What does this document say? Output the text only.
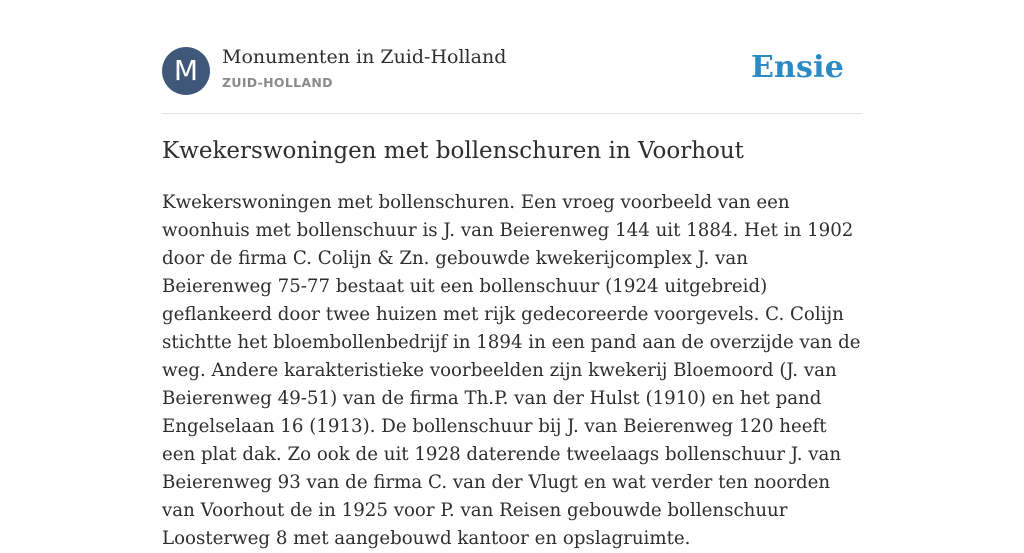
M	Monumenten in Zuid-Holland
ZUID-HOLLAND	Ensie
Kwekerswoningen met bollenschuren in Voorhout

Kwekerswoningen met bollenschuren. Een vroeg voorbeeld van een woonhuis met bollenschuur is J. van Beierenweg 144 uit 1884. Het in 1902 door de firma C. Colijn & Zn. gebouwde kwekerijcomplex J. van Beierenweg 75-77 bestaat uit een bollenschuur (1924 uitgebreid) geflankeerd door twee huizen met rijk gedecoreerde voorgevels. C. Colijn stichtte het bloembollenbedrijf in 1894 in een pand aan de overzijde van de weg. Andere karakteristieke voorbeelden zijn kwekerij Bloemoord (J. van Beierenweg 49-51) van de firma Th.P. van der Hulst (1910) en het pand Engelselaan 16 (1913). De bollenschuur bij J. van Beierenweg 120 heeft een plat dak. Zo ook de uit 1928 daterende tweelaags bollenschuur J. van Beierenweg 93 van de firma C. van der Vlugt en wat verder ten noorden van Voorhout de in 1925 voor P. van Reisen gebouwde bollenschuur Loosterweg 8 met aangebouwd kantoor en opslagruimte.
